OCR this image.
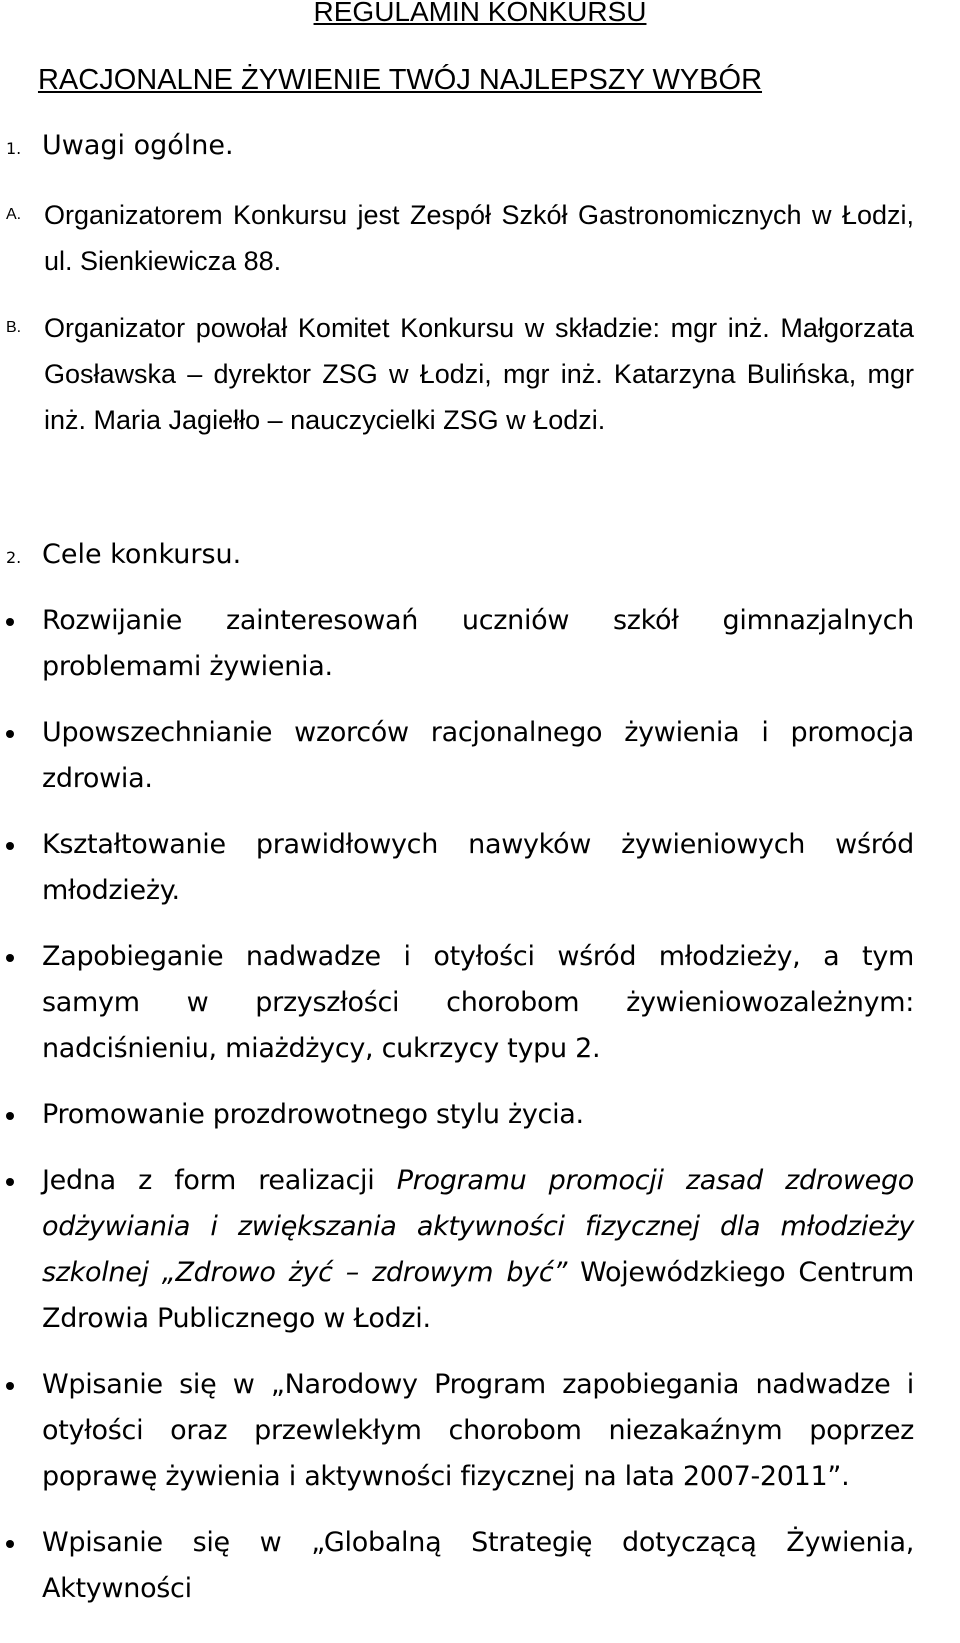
REGULAMIN KONKURSU
RACJONALNE ŻYWIENIE TWÓJ NAJLEPSZY WYBÓR
1. Uwagi ogólne.
A. Organizatorem Konkursu jest Zespół Szkół Gastronomicznych w Łodzi, ul. Sienkiewicza 88.
B. Organizator powołał Komitet Konkursu w składzie: mgr inż. Małgorzata Gosławska – dyrektor ZSG w Łodzi, mgr inż. Katarzyna Bulińska, mgr inż. Maria Jagiełło – nauczycielki ZSG w Łodzi.
2. Cele konkursu.
Rozwijanie zainteresowań uczniów szkół gimnazjalnych problemami żywienia.
Upowszechnianie wzorców racjonalnego żywienia i promocja zdrowia.
Kształtowanie prawidłowych nawyków żywieniowych wśród młodzieży.
Zapobieganie nadwadze i otyłości wśród młodzieży, a tym samym w przyszłości chorobom żywieniowozależnym: nadciśnieniu, miażdżycy, cukrzycy typu 2.
Promowanie prozdrowotnego stylu życia.
Jedna z form realizacji Programu promocji zasad zdrowego odżywiania i zwiększania aktywności fizycznej dla młodzieży szkolnej „Zdrowo żyć – zdrowym być” Wojewódzkiego Centrum Zdrowia Publicznego w Łodzi.
Wpisanie się w „Narodowy Program zapobiegania nadwadze i otyłości oraz przewlekłym chorobom niezakaźnym poprzez poprawę żywienia i aktywności fizycznej na lata 2007-2011”.
Wpisanie się w „Globalną Strategię dotyczącą Żywienia, Aktywności
